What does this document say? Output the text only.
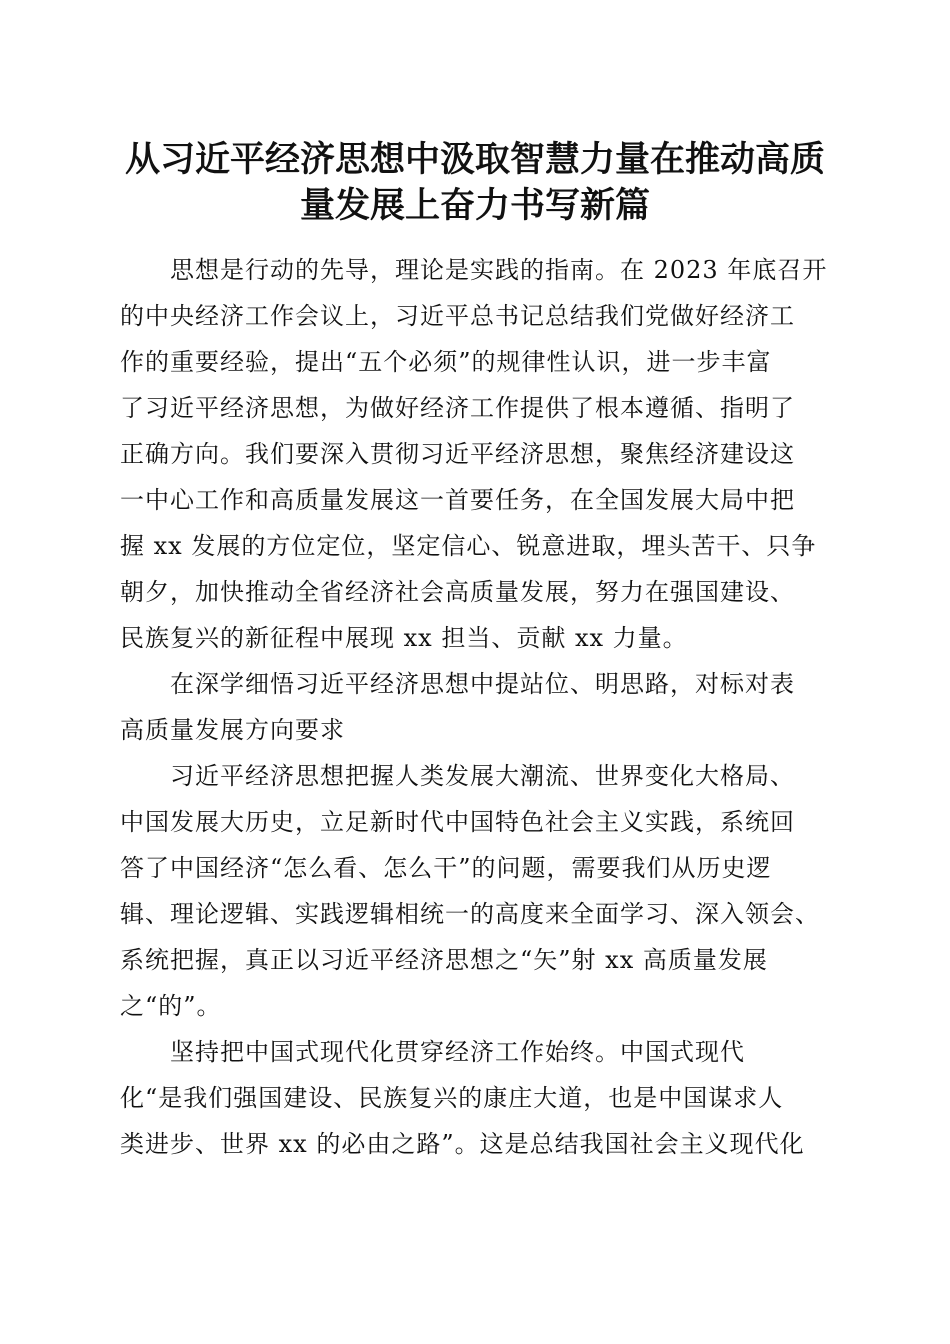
从习近平经济思想中汲取智慧力量在推动高质
量发展上奋力书写新篇
思想是行动的先导，理论是实践的指南。在 2023 年底召开
的中央经济工作会议上，习近平总书记总结我们党做好经济工
作的重要经验，提出“五个必须”的规律性认识，进一步丰富
了习近平经济思想，为做好经济工作提供了根本遵循、指明了
正确方向。我们要深入贯彻习近平经济思想，聚焦经济建设这
一中心工作和高质量发展这一首要任务，在全国发展大局中把
握 xx 发展的方位定位，坚定信心、锐意进取，埋头苦干、只争
朝夕，加快推动全省经济社会高质量发展，努力在强国建设、
民族复兴的新征程中展现 xx 担当、贡献 xx 力量。
在深学细悟习近平经济思想中提站位、明思路，对标对表
高质量发展方向要求
习近平经济思想把握人类发展大潮流、世界变化大格局、
中国发展大历史，立足新时代中国特色社会主义实践，系统回
答了中国经济“怎么看、怎么干”的问题，需要我们从历史逻
辑、理论逻辑、实践逻辑相统一的高度来全面学习、深入领会、
系统把握，真正以习近平经济思想之“矢”射 xx 高质量发展
之“的”。
坚持把中国式现代化贯穿经济工作始终。中国式现代
化“是我们强国建设、民族复兴的康庄大道，也是中国谋求人
类进步、世界 xx 的必由之路”。这是总结我国社会主义现代化
